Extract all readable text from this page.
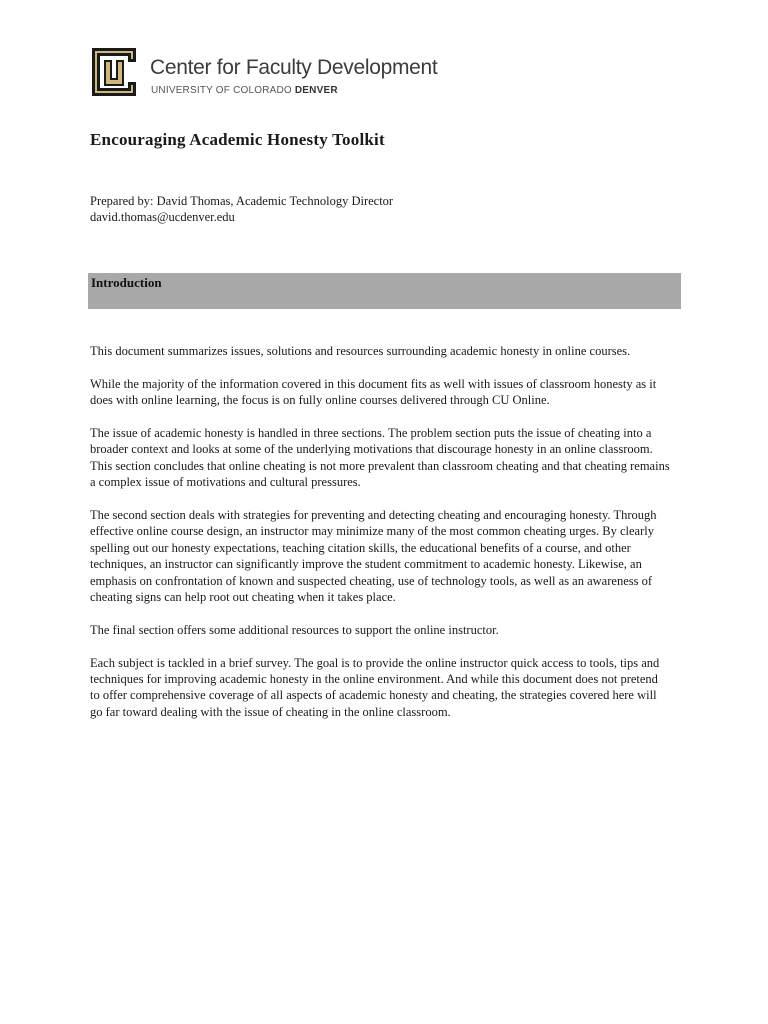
Center for Faculty Development
UNIVERSITY OF COLORADO DENVER
Encouraging Academic Honesty Toolkit
Prepared by: David Thomas, Academic Technology Director
david.thomas@ucdenver.edu
Introduction

This document summarizes issues, solutions and resources surrounding academic honesty in online courses.

While the majority of the information covered in this document fits as well with issues of classroom honesty as it does with online learning, the focus is on fully online courses delivered through CU Online.

The issue of academic honesty is handled in three sections. The problem section puts the issue of cheating into a broader context and looks at some of the underlying motivations that discourage honesty in an online classroom. This section concludes that online cheating is not more prevalent than classroom cheating and that cheating remains a complex issue of motivations and cultural pressures.

The second section deals with strategies for preventing and detecting cheating and encouraging honesty. Through effective online course design, an instructor may minimize many of the most common cheating urges. By clearly spelling out our honesty expectations, teaching citation skills, the educational benefits of a course, and other techniques, an instructor can significantly improve the student commitment to academic honesty. Likewise, an emphasis on confrontation of known and suspected cheating, use of technology tools, as well as an awareness of cheating signs can help root out cheating when it takes place.

The final section offers some additional resources to support the online instructor.

Each subject is tackled in a brief survey. The goal is to provide the online instructor quick access to tools, tips and techniques for improving academic honesty in the online environment. And while this document does not pretend to offer comprehensive coverage of all aspects of academic honesty and cheating, the strategies covered here will go far toward dealing with the issue of cheating in the online classroom.
